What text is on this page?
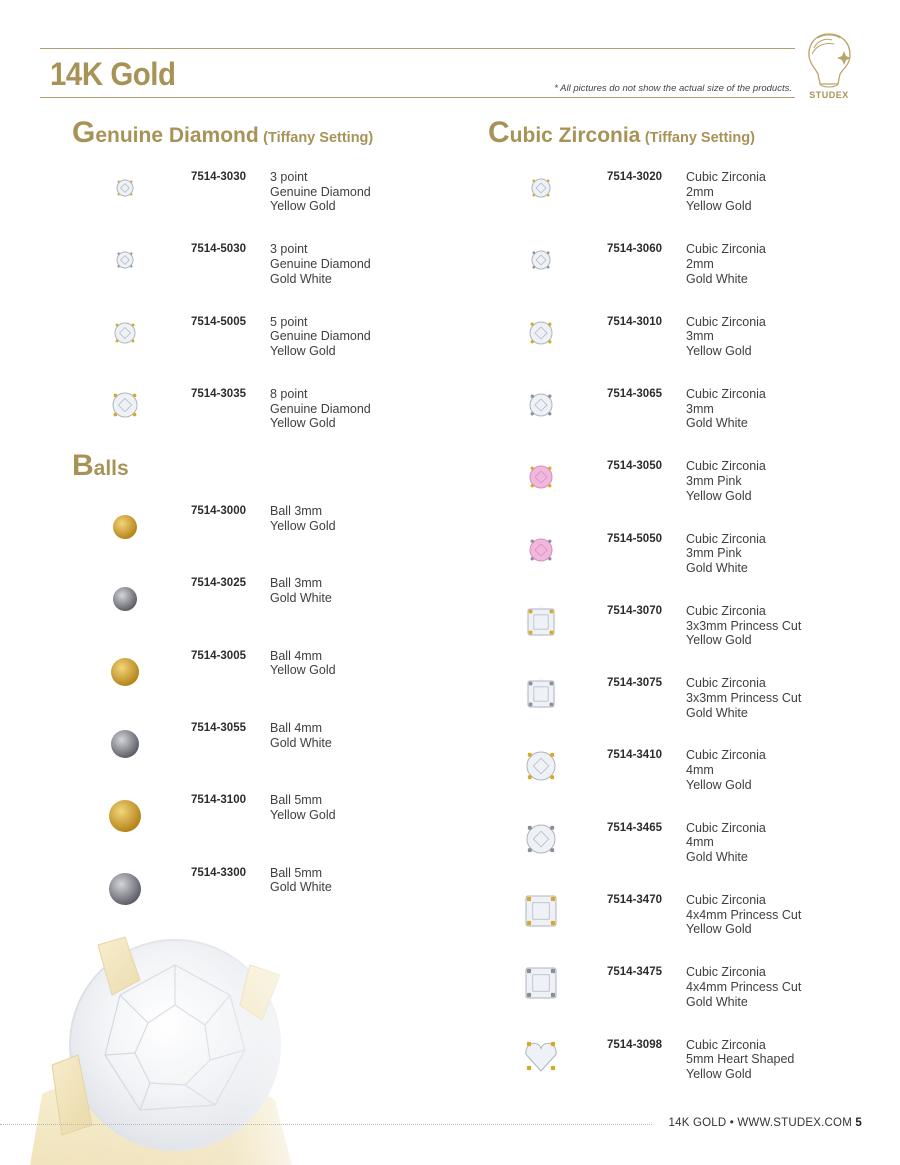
14K Gold	* All pictures do not show the actual size of the products.
STUDEX
Genuine Diamond (Tiffany Setting)
Balls
Cubic Zirconia (Tiffany Setting)
7514-3030 3 point
Genuine Diamond
Yellow Gold
7514-5030 3 point
Genuine Diamond
Gold White
7514-5005 5 point
Genuine Diamond
Yellow Gold
7514-3035 8 point
Genuine Diamond
Yellow Gold
7514-3000 Ball 3mm
Yellow Gold
7514-3025 Ball 3mm
Gold White
7514-3005 Ball 4mm
Yellow Gold
7514-3055 Ball 4mm
Gold White
7514-3100 Ball 5mm
Yellow Gold
7514-3300 Ball 5mm
Gold White
7514-3020 Cubic Zirconia
2mm
Yellow Gold
7514-3060 Cubic Zirconia
2mm
Gold White
7514-3010 Cubic Zirconia
3mm
Yellow Gold
7514-3065 Cubic Zirconia
3mm
Gold White
7514-3050 Cubic Zirconia
3mm Pink
Yellow Gold
7514-5050 Cubic Zirconia
3mm Pink
Gold White
7514-3070 Cubic Zirconia
3x3mm Princess Cut
Yellow Gold
7514-3075 Cubic Zirconia
3x3mm Princess Cut
Gold White
7514-3410 Cubic Zirconia
4mm
Yellow Gold
7514-3465 Cubic Zirconia
4mm
Gold White
7514-3470 Cubic Zirconia
4x4mm Princess Cut
Yellow Gold
7514-3475 Cubic Zirconia
4x4mm Princess Cut
Gold White
7514-3098 Cubic Zirconia
5mm Heart Shaped
Yellow Gold
14K GOLD • WWW.STUDEX.COM 5
